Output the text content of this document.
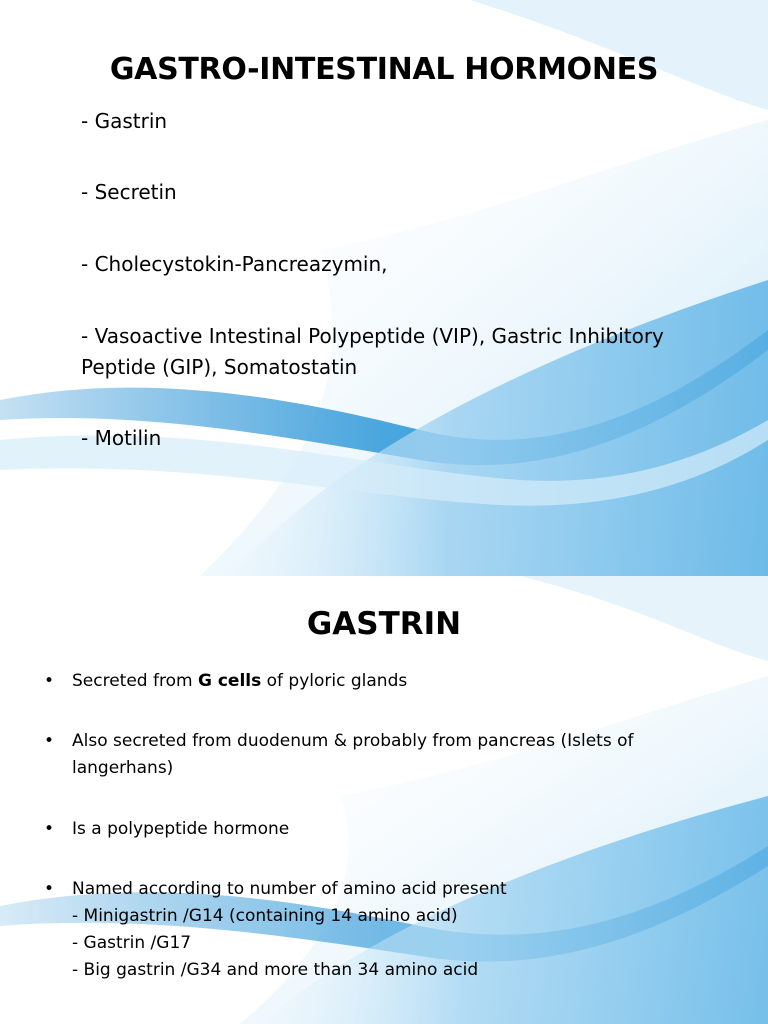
GASTRO-INTESTINAL HORMONES
- Gastrin
- Secretin
- Cholecystokin-Pancreazymin,
- Vasoactive Intestinal Polypeptide (VIP), Gastric Inhibitory
Peptide (GIP), Somatostatin
- Motilin
GASTRIN
• Secreted from G cells of pyloric glands
• Also secreted from duodenum & probably from pancreas (Islets of
langerhans)
• Is a polypeptide hormone
• Named according to number of amino acid present
- Minigastrin /G14 (containing 14 amino acid)
- Gastrin /G17
- Big gastrin /G34 and more than 34 amino acid
